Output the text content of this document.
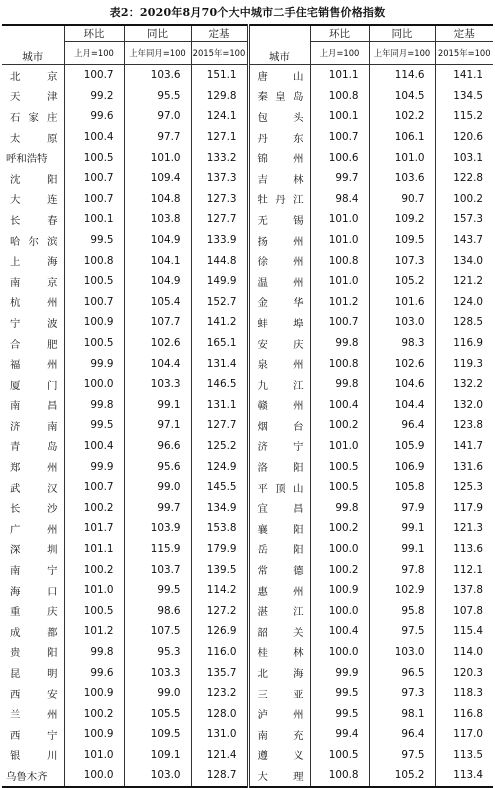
表2：2020年8月70个大中城市二手住宅销售价格指数
城市	环比	同比	定基	城市	环比	同比	定基
	上月=100	上年同月=100	2015年=100		上月=100	上年同月=100	2015年=100
北京	100.7	103.6	151.1	唐山	101.1	114.6	141.1
天津	99.2	95.5	129.8	秦皇岛	100.8	104.5	134.5
石家庄	99.6	97.0	124.1	包头	100.1	102.2	115.2
太原	100.4	97.7	127.1	丹东	100.7	106.1	120.6
呼和浩特	100.5	101.0	133.2	锦州	100.6	101.0	103.1
沈阳	100.7	109.4	137.3	吉林	99.7	103.6	122.8
大连	100.7	104.8	127.3	牡丹江	98.4	90.7	100.2
长春	100.1	103.8	127.7	无锡	101.0	109.2	157.3
哈尔滨	99.5	104.9	133.9	扬州	101.0	109.5	143.7
上海	100.8	104.1	144.8	徐州	100.8	107.3	134.0
南京	100.5	104.9	149.9	温州	101.0	105.2	121.2
杭州	100.7	105.4	152.7	金华	101.2	101.6	124.0
宁波	100.9	107.7	141.2	蚌埠	100.7	103.0	128.5
合肥	100.5	102.6	165.1	安庆	99.8	98.3	116.9
福州	99.9	104.4	131.4	泉州	100.8	102.6	119.3
厦门	100.0	103.3	146.5	九江	99.8	104.6	132.2
南昌	99.8	99.1	131.1	赣州	100.4	104.4	132.0
济南	99.5	97.1	127.7	烟台	100.2	96.4	123.8
青岛	100.4	96.6	125.2	济宁	101.0	105.9	141.7
郑州	99.9	95.6	124.9	洛阳	100.5	106.9	131.6
武汉	100.7	99.0	145.5	平顶山	100.5	105.8	125.3
长沙	100.2	99.7	134.9	宜昌	99.8	97.9	117.9
广州	101.7	103.9	153.8	襄阳	100.2	99.1	121.3
深圳	101.1	115.9	179.9	岳阳	100.0	99.1	113.6
南宁	100.2	103.7	139.5	常德	100.2	97.8	112.1
海口	101.0	99.5	114.2	惠州	100.9	102.9	137.8
重庆	100.5	98.6	127.2	湛江	100.0	95.8	107.8
成都	101.2	107.5	126.9	韶关	100.4	97.5	115.4
贵阳	99.8	95.3	116.0	桂林	100.0	103.0	114.0
昆明	99.6	103.3	135.7	北海	99.9	96.5	120.3
西安	100.9	99.0	123.2	三亚	99.5	97.3	118.3
兰州	100.2	105.5	128.0	泸州	99.5	98.1	116.8
西宁	100.9	109.5	131.0	南充	99.4	96.4	117.0
银川	101.0	109.1	121.4	遵义	100.5	97.5	113.5
乌鲁木齐	100.0	103.0	128.7	大理	100.8	105.2	113.4
